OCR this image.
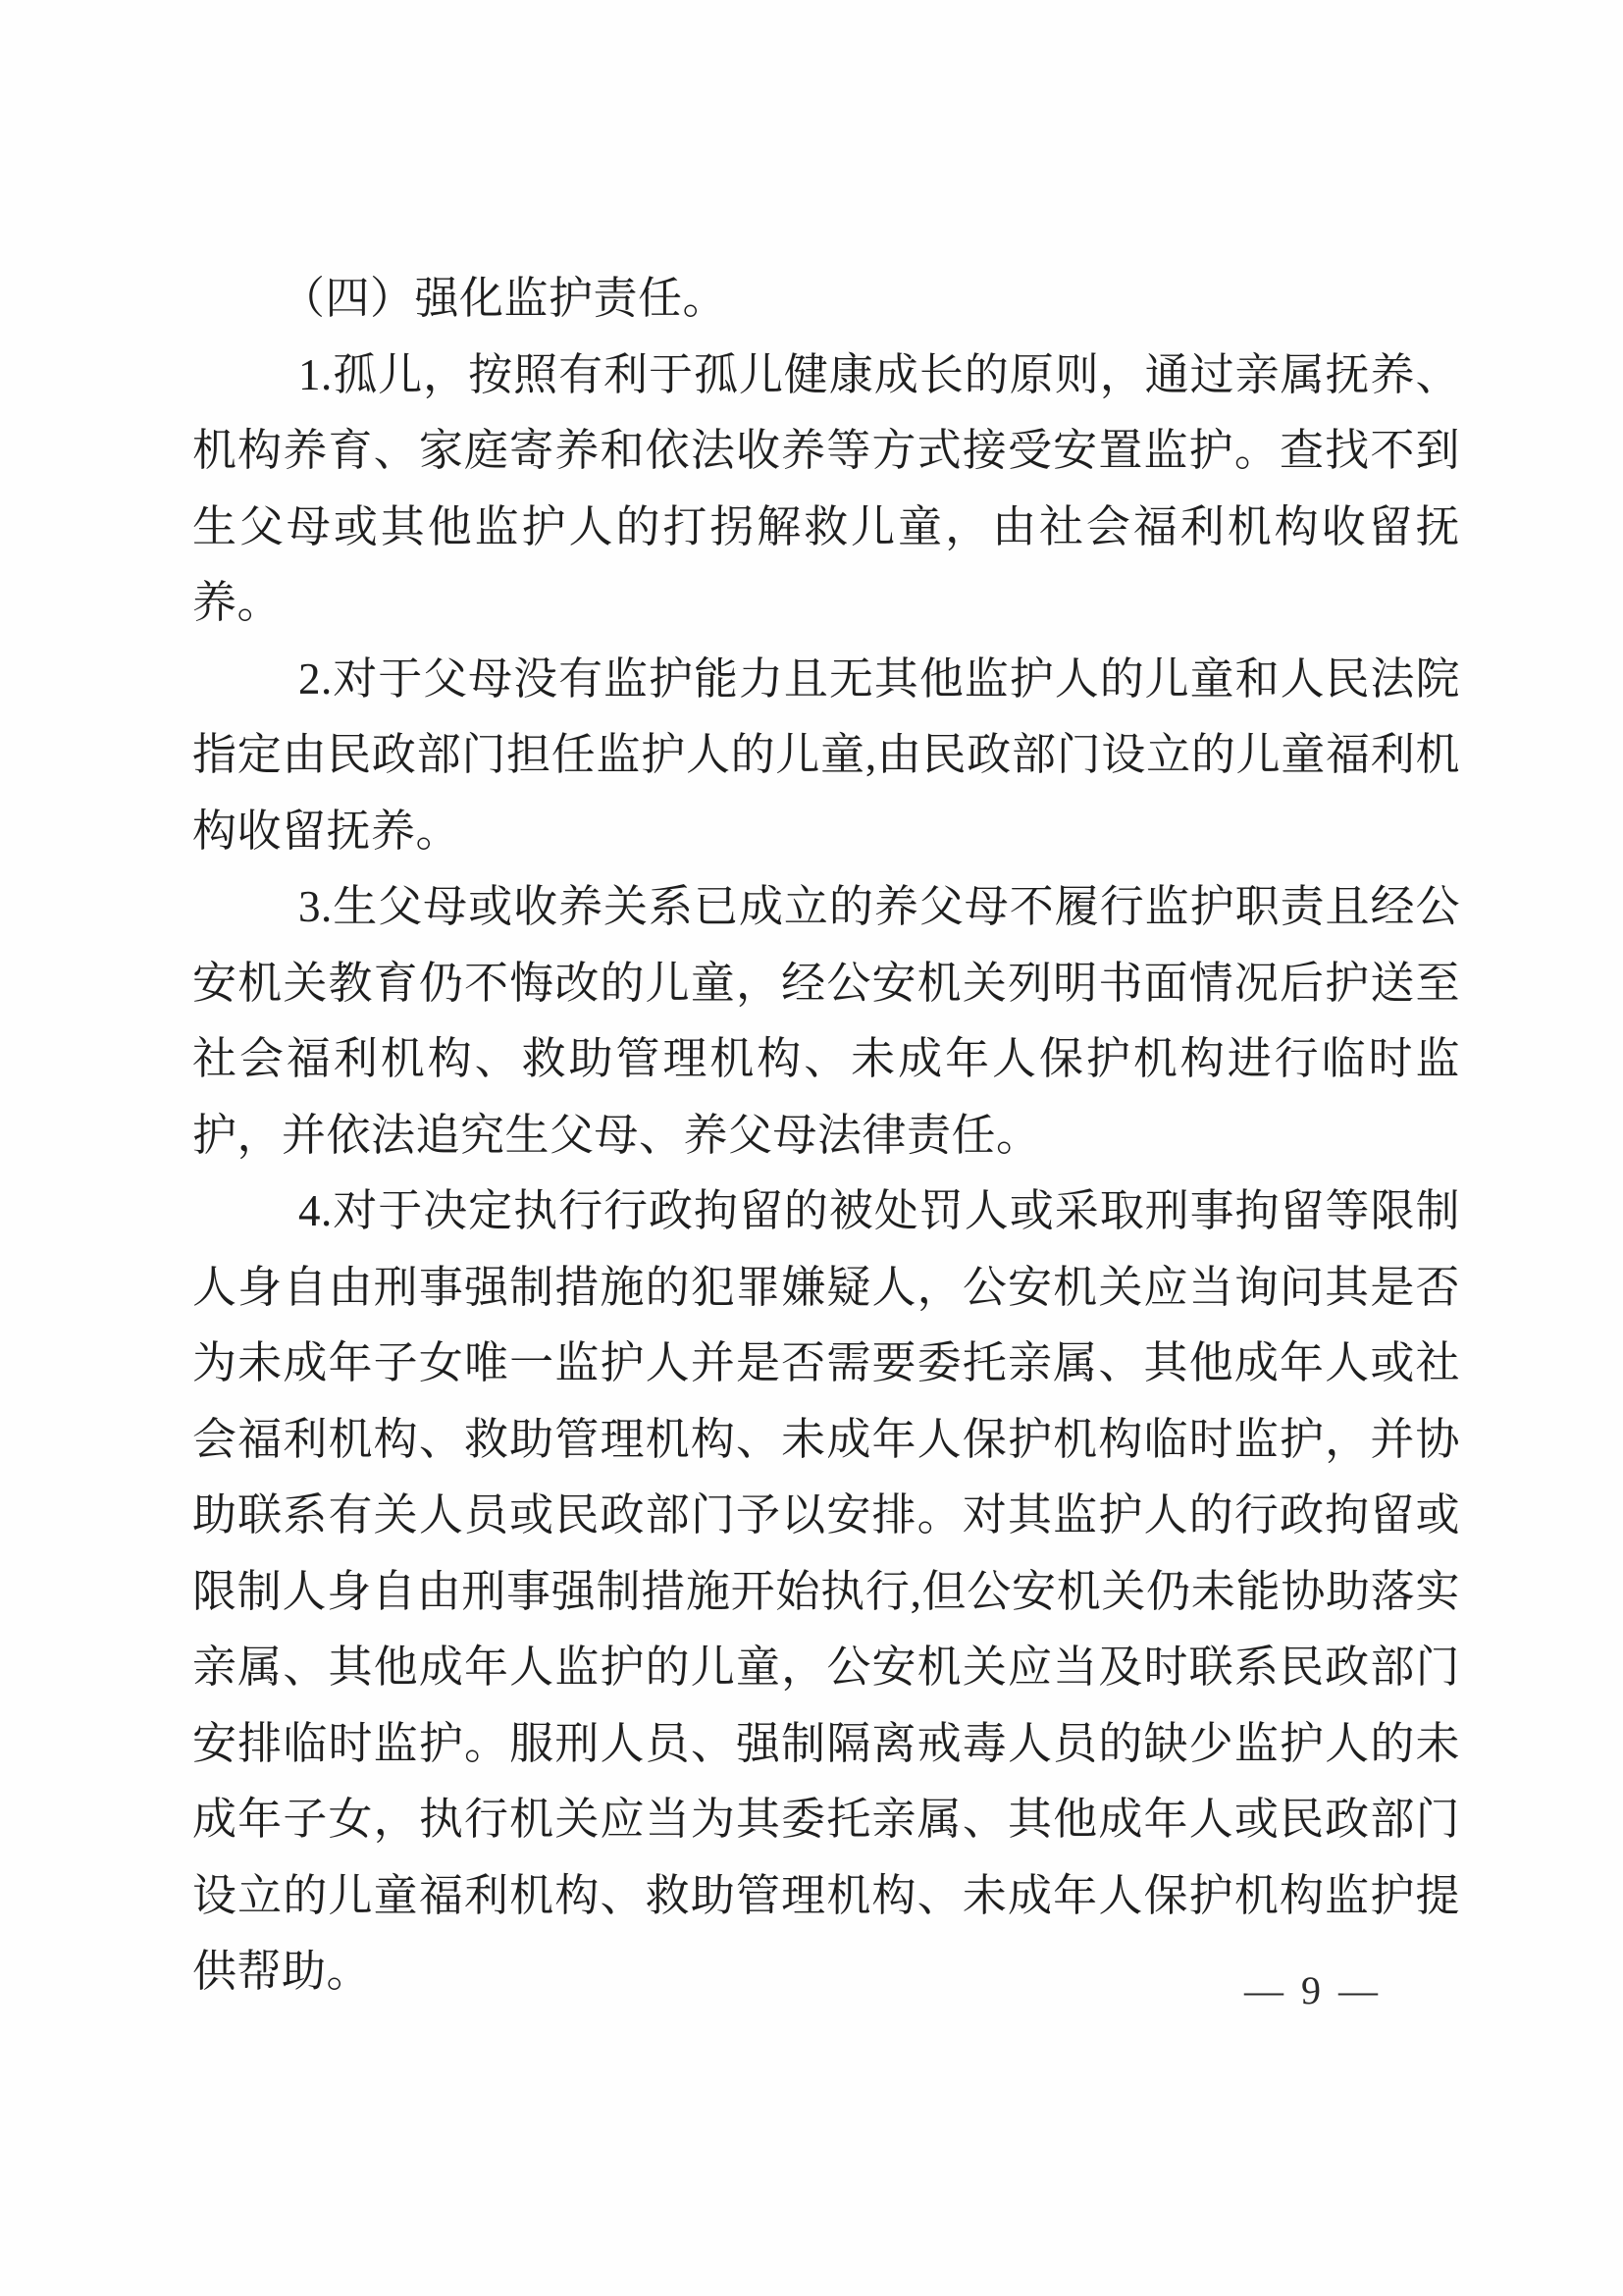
（四）强化监护责任。

1.孤儿，按照有利于孤儿健康成长的原则，通过亲属抚养、机构养育、家庭寄养和依法收养等方式接受安置监护。查找不到生父母或其他监护人的打拐解救儿童，由社会福利机构收留抚养。

2.对于父母没有监护能力且无其他监护人的儿童和人民法院指定由民政部门担任监护人的儿童,由民政部门设立的儿童福利机构收留抚养。

3.生父母或收养关系已成立的养父母不履行监护职责且经公安机关教育仍不悔改的儿童，经公安机关列明书面情况后护送至社会福利机构、救助管理机构、未成年人保护机构进行临时监护，并依法追究生父母、养父母法律责任。

4.对于决定执行行政拘留的被处罚人或采取刑事拘留等限制人身自由刑事强制措施的犯罪嫌疑人，公安机关应当询问其是否为未成年子女唯一监护人并是否需要委托亲属、其他成年人或社会福利机构、救助管理机构、未成年人保护机构临时监护，并协助联系有关人员或民政部门予以安排。对其监护人的行政拘留或限制人身自由刑事强制措施开始执行,但公安机关仍未能协助落实亲属、其他成年人监护的儿童，公安机关应当及时联系民政部门安排临时监护。服刑人员、强制隔离戒毒人员的缺少监护人的未成年子女，执行机关应当为其委托亲属、其他成年人或民政部门设立的儿童福利机构、救助管理机构、未成年人保护机构监护提供帮助。	— 9 —
